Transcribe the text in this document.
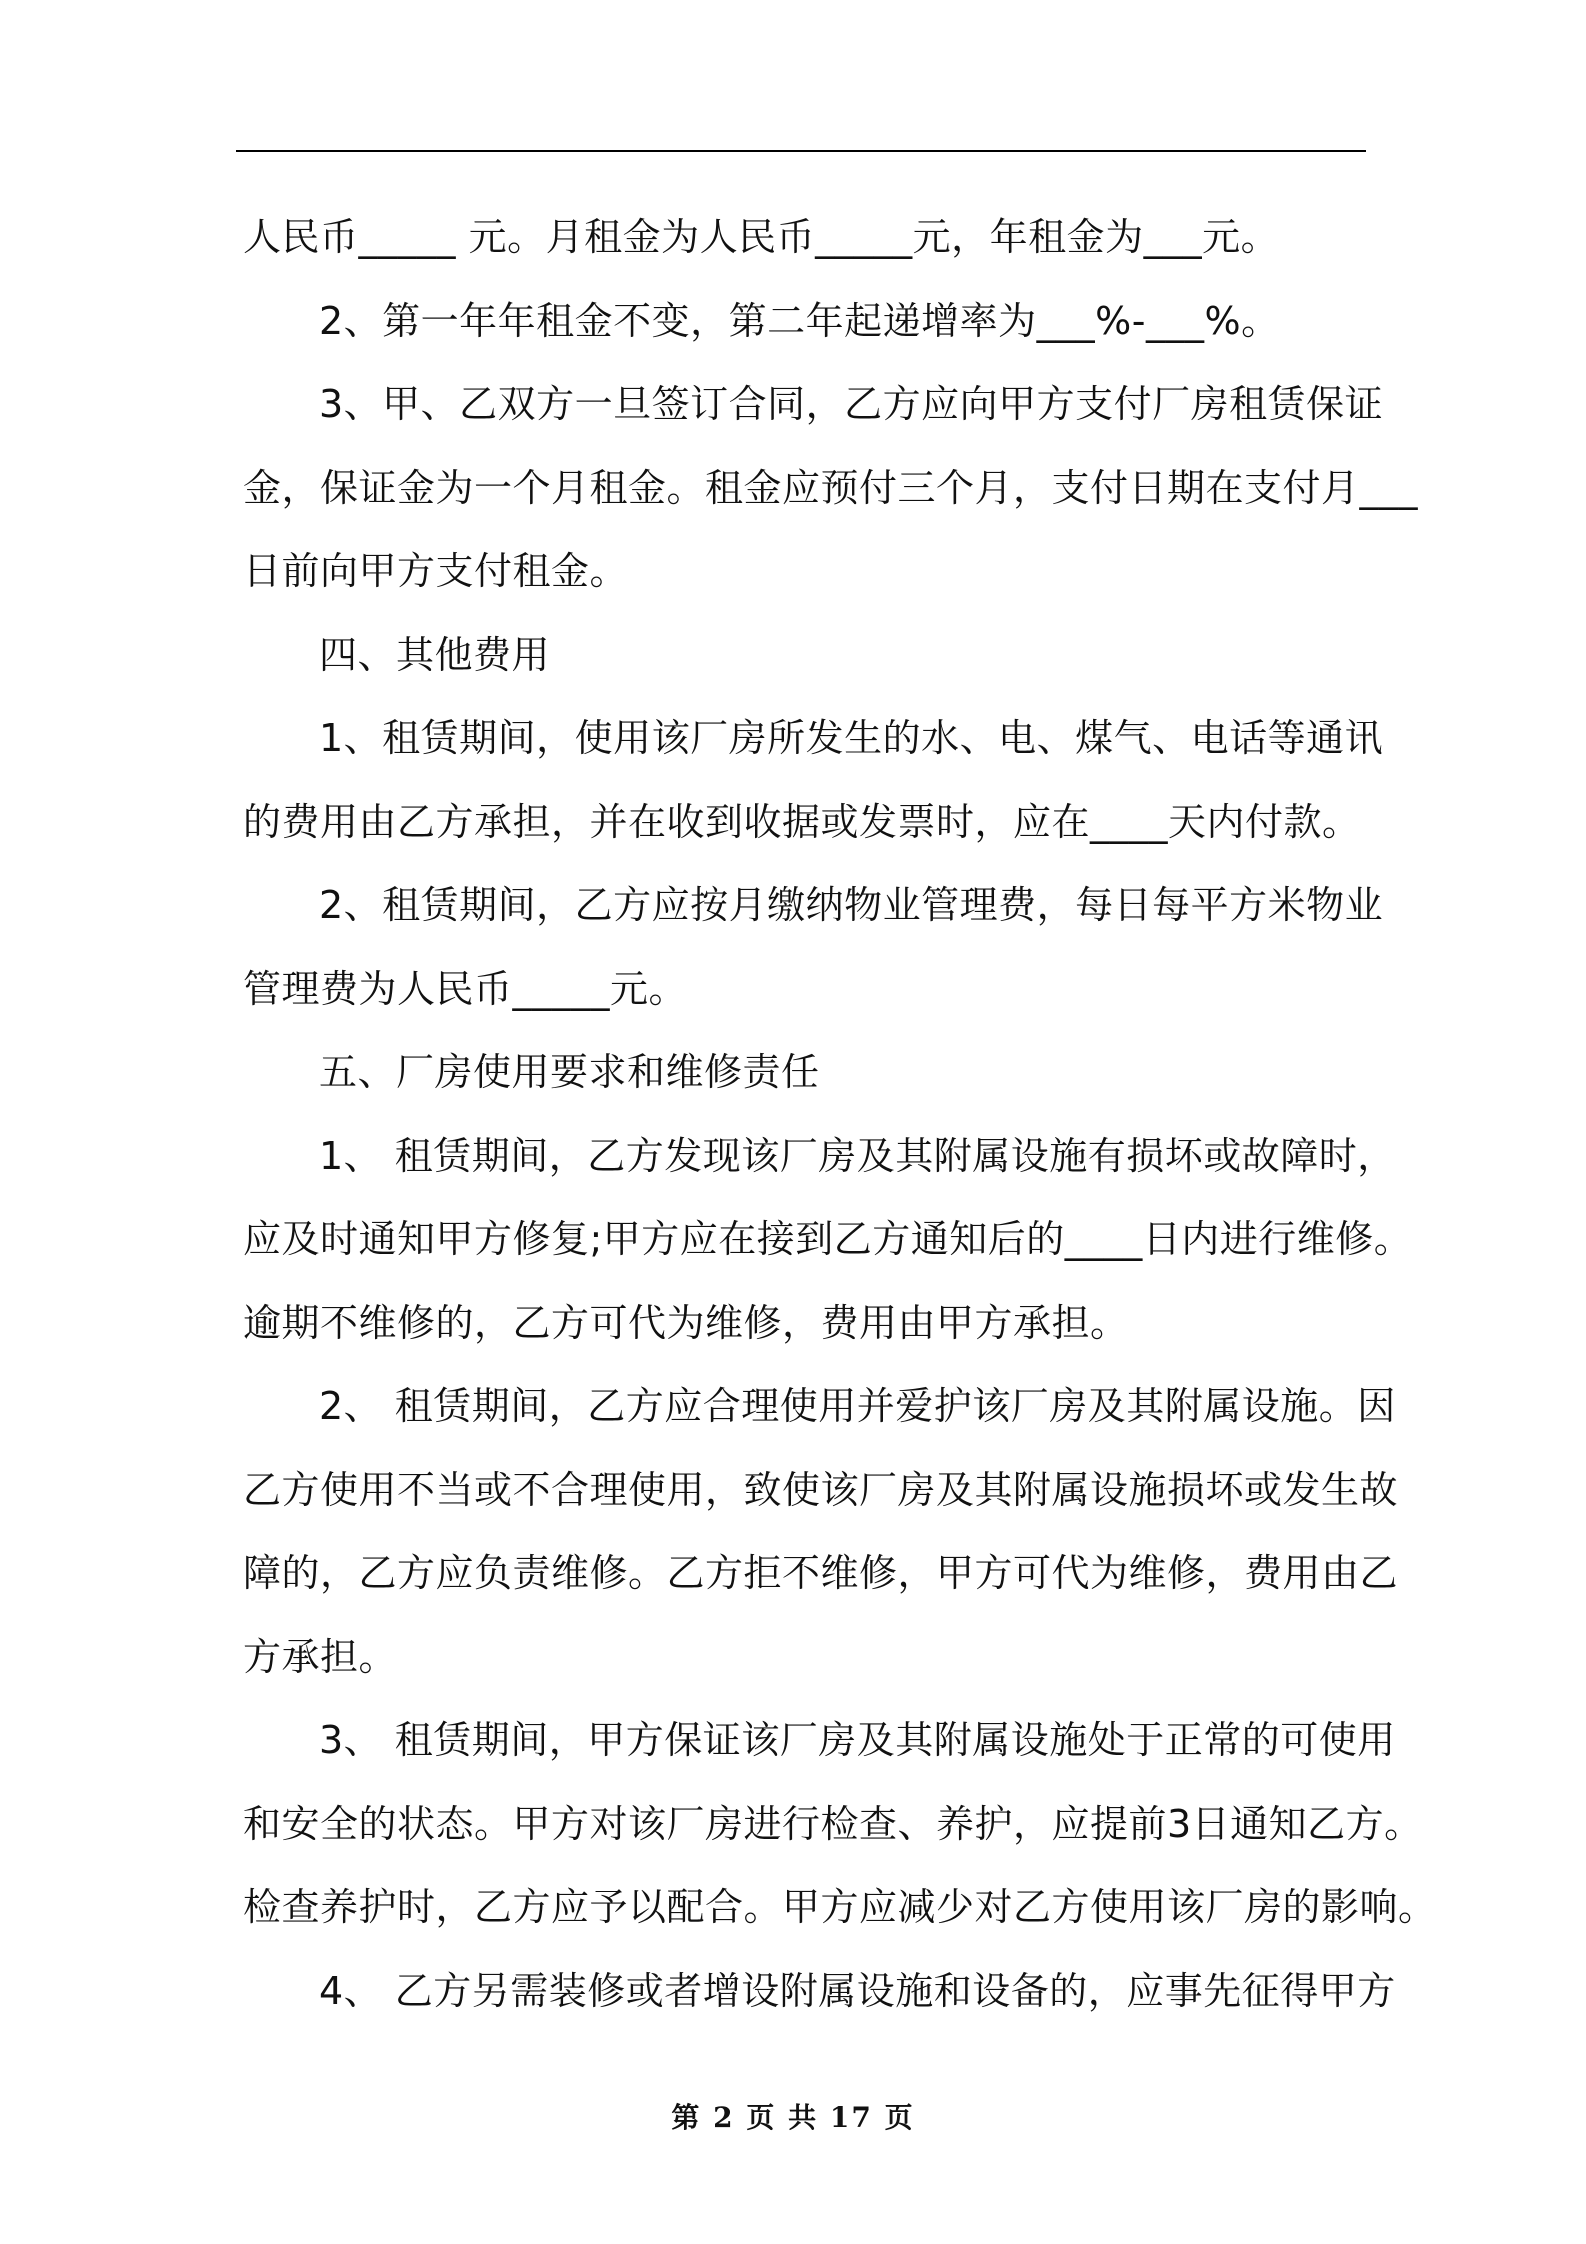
人民币_____ 元。月租金为人民币_____元，年租金为___元。
2、第一年年租金不变，第二年起递增率为___%-___%。
3、甲、乙双方一旦签订合同，乙方应向甲方支付厂房租赁保证
金，保证金为一个月租金。租金应预付三个月，支付日期在支付月___
日前向甲方支付租金。
四、其他费用
1、租赁期间，使用该厂房所发生的水、电、煤气、电话等通讯
的费用由乙方承担，并在收到收据或发票时，应在____天内付款。
2、租赁期间，乙方应按月缴纳物业管理费，每日每平方米物业
管理费为人民币_____元。
五、厂房使用要求和维修责任
1、 租赁期间，乙方发现该厂房及其附属设施有损坏或故障时，
应及时通知甲方修复;甲方应在接到乙方通知后的____日内进行维修。
逾期不维修的，乙方可代为维修，费用由甲方承担。
2、 租赁期间，乙方应合理使用并爱护该厂房及其附属设施。因
乙方使用不当或不合理使用，致使该厂房及其附属设施损坏或发生故
障的，乙方应负责维修。乙方拒不维修，甲方可代为维修，费用由乙
方承担。
3、 租赁期间，甲方保证该厂房及其附属设施处于正常的可使用
和安全的状态。甲方对该厂房进行检查、养护，应提前3日通知乙方。
检查养护时，乙方应予以配合。甲方应减少对乙方使用该厂房的影响。
4、 乙方另需装修或者增设附属设施和设备的，应事先征得甲方
第 2 页 共 17 页
